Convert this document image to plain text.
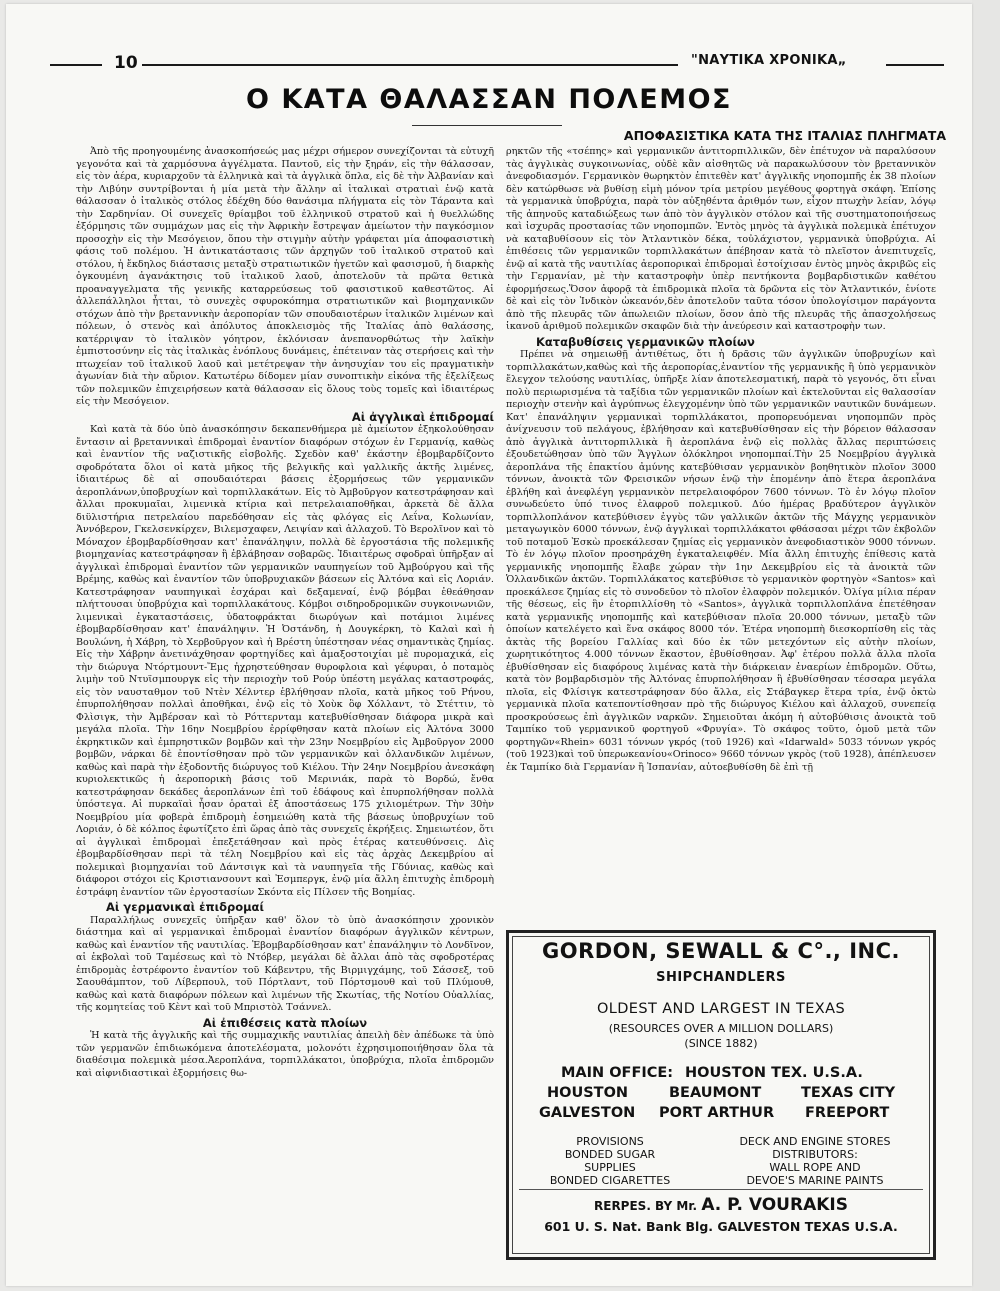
10	"ΝΑΥΤΙΚΑ ΧΡΟΝΙΚΑ„
Ο ΚΑΤΑ ΘΑΛΑΣΣΑΝ ΠΟΛΕΜΟΣ
ΑΠΟΦΑΣΙΣΤΙΚΑ ΚΑΤΑ ΤΗΣ ΙΤΑΛΙΑΣ ΠΛΗΓΜΑΤΑ

Ἀπὸ τῆς προηγουμένης ἀνασκοπήσεώς μας μέχρι σήμερον συνεχίζονται τὰ εὐτυχῆ γεγονότα καὶ τὰ χαρμόσυνα ἀγγέλματα. Παντοῦ, εἰς τὴν ξηράν, εἰς τὴν θάλασσαν, εἰς τὸν ἀέρα, κυριαρχοῦν τὰ ἑλληνικὰ καὶ τὰ ἀγγλικὰ ὅπλα, εἰς δὲ τὴν Ἀλβανίαν καὶ τὴν Λιβύην συντρίβονται ἡ μία μετὰ τὴν ἄλλην αἱ ἰταλικαὶ στρατιαὶ ἐνῷ κατὰ θάλασσαν ὁ ἰταλικὸς στόλος ἐδέχθη δύο θανάσιμα πλήγματα εἰς τὸν Τάραντα καὶ τὴν Σαρδηνίαν. Οἱ συνεχεῖς θρίαμβοι τοῦ ἑλληνικοῦ στρατοῦ καὶ ἡ θυελλώδης ἐξόρμησις τῶν συμμάχων μας εἰς τὴν Ἀφρικὴν ἔστρεψαν ἀμείωτον τὴν παγκόσμιον προσοχὴν εἰς τὴν Μεσόγειον, ὅπου τὴν στιγμὴν αὐτὴν γράφεται μία ἀποφασιστικὴ φάσις τοῦ πολέμου. Ἡ ἀντικατάστασις τῶν ἀρχηγῶν τοῦ ἰταλικοῦ στρατοῦ καὶ στόλου, ἡ ἔκδηλος διάστασις μεταξὺ στρατιωτικῶν ἡγετῶν καὶ φασισμοῦ, ἡ διαρκὴς ὀγκουμένη ἀγανάκτησις τοῦ ἰταλικοῦ λαοῦ, ἀποτελοῦν τὰ πρῶτα θετικὰ προαναγγελματα τῆς γενικῆς καταρρεύσεως τοῦ φασιστικοῦ καθεστῶτος. Αἱ ἀλλεπάλληλοι ἧτται, τὸ συνεχὲς σφυροκόπημα στρατιωτικῶν καὶ βιομηχανικῶν στόχων ἀπὸ τὴν βρεταννικὴν ἀεροπορίαν τῶν σπουδαιοτέρων ἰταλικῶν λιμένων καὶ πόλεων, ὁ στενὸς καὶ ἀπόλυτος ἀποκλεισμὸς τῆς Ἰταλίας ἀπὸ θαλάσσης, κατέρριψαν τὸ ἰταλικὸν γόητρον, ἐκλόνισαν ἀνεπανορθώτως τὴν λαϊκὴν ἐμπιστοσύνην εἰς τὰς ἰταλικὰς ἐνόπλους δυνάμεις, ἐπέτειναν τὰς στερήσεις καὶ τὴν πτωχείαν τοῦ ἰταλικοῦ λαοῦ καὶ μετέτρεψαν τὴν ἀνησυχίαν του εἰς πραγματικὴν ἀγωνίαν διὰ τὴν αὔριον. Κατωτέρω δίδομεν μίαν συνοπτικὴν εἰκόνα τῆς ἐξελίξεως τῶν πολεμικῶν ἐπιχειρήσεων κατὰ θάλασσαν εἰς ὅλους τοὺς τομεῖς καὶ ἰδιαιτέρως εἰς τὴν Μεσόγειον.

Αἱ ἀγγλικαὶ ἐπιδρομαί

Καὶ κατὰ τὰ δύο ὑπὸ ἀνασκόπησιν δεκαπενθήμερα μὲ ἀμείωτον ἐξηκολούθησαν ἔντασιν αἱ βρεταννικαὶ ἐπιδρομαὶ ἐναντίον διαφόρων στόχων ἐν Γερμανίᾳ, καθὼς καὶ ἐναντίον τῆς ναζιστικῆς εἰσβολῆς. Σχεδὸν καθ' ἑκάστην ἐβομβαρδίζοντο σφοδρότατα ὅλοι οἱ κατὰ μῆκος τῆς βελγικῆς καὶ γαλλικῆς ἀκτῆς λιμένες, ἰδιαιτέρως δὲ αἱ σπουδαιότεραι βάσεις ἐξορμήσεως τῶν γερμανικῶν ἀεροπλάνων,ὑποβρυχίων καὶ τορπιλλακάτων. Εἰς τὸ Ἀμβοῦργον κατεστράφησαν καὶ ἄλλαι προκυμαῖαι, λιμενικὰ κτίρια καὶ πετρελαιαποθῆκαι, ἀρκετὰ δὲ ἄλλα διϋλιστήρια πετρελαίου παρεδόθησαν εἰς τὰς φλόγας εἰς Λεΐνα, Κολωνίαν, Ἀννόβερον, Γκελσενκίρχεν, Βιλεμσχαφεν, Λειψίαν καὶ ἀλλαχοῦ. Τὸ Βερολῖνον καὶ τὸ Μόναχον ἐβομβαρδίσθησαν κατ' ἐπανάληψιν, πολλὰ δὲ ἐργοστάσια τῆς πολεμικῆς βιομηχανίας κατεστράφησαν ἢ ἐβλάβησαν σοβαρῶς. Ἰδιαιτέρως σφοδραὶ ὑπῆρξαν αἱ ἀγγλικαὶ ἐπιδρομαὶ ἐναντίον τῶν γερμανικῶν ναυπηγείων τοῦ Ἀμβούργου καὶ τῆς Βρέμης, καθὼς καὶ ἐναντίον τῶν ὑποβρυχιακῶν βάσεων εἰς Ἀλτόνα καὶ εἰς Λοριάν. Κατεστράφησαν ναυπηγικαὶ ἐσχάραι καὶ δεξαμεναί, ἐνῷ βόμβαι ἐθεάθησαν πλήττουσαι ὑποβρύχια καὶ τορπιλλακάτους. Κόμβοι σιδηροδρομικῶν συγκοινωνιῶν, λιμενικαὶ ἐγκαταστάσεις, ὑδατοφράκται διωρύγων καὶ ποτάμιοι λιμένες ἐβομβαρδίσθησαν κατ' ἐπανάληψιν. Ἡ Ὀστάνδη, ἡ Δουγκέρκη, τὸ Καλαὶ καὶ ἡ Βουλώνη, ἡ Χάβρη, τὸ Χερβοῦργον καὶ ἡ Βρέστη ὑπέστησαν νέας σημαντικὰς ζημίας. Εἰς τὴν Χάβρην ἀνετινάχθησαν φορτηγίδες καὶ ἀμαξοστοιχίαι μὲ πυρομαχικά, εἰς τὴν διώρυγα Ντόρτμουντ-Ἔμς ἠχρηστεύθησαν θυροφλοια καὶ γέφυραι, ὁ ποταμὸς λιμὴν τοῦ Ντυϊσμπουργκ εἰς τὴν περιοχὴν τοῦ Ρούρ ὑπέστη μεγάλας καταστροφάς, εἰς τὸν ναυσταθμον τοῦ Ντὲν Χέλντερ ἐβλήθησαν πλοῖα, κατὰ μῆκος τοῦ Ρήνου, ἐπυρπολήθησαν πολλαὶ ἀποθῆκαι, ἐνῷ εἰς τὸ Χοὺκ ὂφ Χόλλαντ, τὸ Στέττιν, τὸ Φλὶσιγκ, τὴν Ἀμβέρσαν καὶ τὸ Ρόττερνταμ κατεβυθίσθησαν διάφορα μικρὰ καὶ μεγάλα πλοῖα. Τὴν 16ην Νοεμβρίου ἐρρίφθησαν κατὰ πλοίων εἰς Ἀλτόνα 3000 ἐκρηκτικῶν καὶ ἐμπρηστικῶν βομβῶν καὶ τὴν 23ην Νοεμβρίου εἰς Ἀμβοῦργον 2000 βομβῶν, νάρκαι δὲ ἐποντίσθησαν πρὸ τῶν γερμανικῶν καὶ ὁλλανδικῶν λιμένων, καθὼς καὶ παρὰ τὴν ἐξοδοντῆς διώρυγος τοῦ Κιέλου. Τὴν 24ην Νοεμβρίου ἀνεσκάφη κυριολεκτικῶς ἡ ἀεροπορικὴ βάσις τοῦ Μερινιάκ, παρὰ τὸ Βορδώ, ἔνθα κατεστράφησαν δεκάδες ἀεροπλάνων ἐπὶ τοῦ ἐδάφους καὶ ἐπυρπολήθησαν πολλὰ ὑπόστεγα. Αἱ πυρκαϊαὶ ἦσαν ὁραταὶ ἐξ ἀποστάσεως 175 χιλιομέτρων. Τὴν 30ὴν Νοεμβρίου μία φοβερὰ ἐπιδρομὴ ἐσημειώθη κατὰ τῆς βάσεως ὑποβρυχίων τοῦ Λοριάν, ὁ δὲ κόλπος ἐφωτίζετο ἐπὶ ὥρας ἀπὸ τὰς συνεχεῖς ἐκρήξεις. Σημειωτέον, ὅτι αἱ ἀγγλικαὶ ἐπιδρομαὶ ἐπεξετάθησαν καὶ πρὸς ἑτέρας κατευθύνσεις. Δὶς ἐβομβαρδίσθησαν περὶ τὰ τέλη Νοεμβρίου καὶ εἰς τὰς ἀρχὰς Δεκεμβρίου αἱ πολεμικαὶ βιομηχανίαι τοῦ Δάντσιγκ καὶ τὰ ναυπηγεῖα τῆς Γδύνιας, καθὼς καὶ διάφοροι στόχοι εἰς Κριστιανσουντ καὶ Ἐσμπεργκ, ἐνῷ μία ἄλλη ἐπιτυχὴς ἐπιδρομὴ ἐστράφη ἐναντίον τῶν ἐργοστασίων Σκόντα εἰς Πίλσεν τῆς Βοημίας.

Αἱ γερμανικαὶ ἐπιδρομαί

Παραλλήλως συνεχεῖς ὑπῆρξαν καθ' ὅλον τὸ ὑπὸ ἀνασκόπησιν χρονικὸν διάστημα καὶ αἱ γερμανικαὶ ἐπιδρομαὶ ἐναντίον διαφόρων ἀγγλικῶν κέντρων, καθὼς καὶ ἐναντίον τῆς ναυτιλίας. Ἐβομβαρδίσθησαν κατ' ἐπανάληψιν τὸ Λονδῖνον, αἱ ἐκβολαὶ τοῦ Ταμέσεως καὶ τὸ Ντόβερ, μεγάλαι δὲ ἄλλαι ἀπὸ τὰς σφοδροτέρας ἐπιδρομὰς ἐστρέφοντο ἐναντίον τοῦ Κάβεντρυ, τῆς Βιρμιγχάμης, τοῦ Σάσσεξ, τοῦ Σαουθάμπτον, τοῦ Λίβερπουλ, τοῦ Πόρτλαντ, τοῦ Πόρτσμουθ καὶ τοῦ Πλύμουθ, καθὼς καὶ κατὰ διαφόρων πόλεων καὶ λιμένων τῆς Σκωτίας, τῆς Νοτίου Οὐαλλίας, τῆς κομητείας τοῦ Κὲντ καὶ τοῦ Μπριστὸλ Τσάννελ.

Αἱ ἐπιθέσεις κατὰ πλοίων

Ἡ κατὰ τῆς ἀγγλικῆς καὶ τῆς συμμαχικῆς ναυτιλίας ἀπειλὴ δὲν ἀπέδωκε τὰ ὑπὸ τῶν γερμανῶν ἐπιδιωκόμενα ἀποτελέσματα, μολονότι ἐχρησιμοποιήθησαν ὅλα τὰ διαθέσιμα πολεμικὰ μέσα.Ἀεροπλάνα, τορπιλλάκατοι, ὑποβρύχια, πλοῖα ἐπιδρομῶν καὶ αἰφνιδιαστικαὶ ἐξορμήσεις θω-

ρηκτῶν τῆς «τσέπης» καὶ γερμανικῶν ἀντιτορπιλλικῶν, δὲν ἐπέτυχον νὰ παραλύσουν τὰς ἀγγλικὰς συγκοινωνίας, οὐδὲ κἂν αἰσθητῶς νὰ παρακωλύσουν τὸν βρεταννικὸν ἀνεφοδιασμόν. Γερμανικὸν θωρηκτὸν ἐπιτεθὲν κατ' ἀγγλικῆς νηοπομπῆς ἐκ 38 πλοίων δὲν κατώρθωσε νὰ βυθίσῃ εἰμὴ μόνον τρία μετρίου μεγέθους φορτηγὰ σκάφη. Ἐπίσης τὰ γερμανικὰ ὑποβρύχια, παρὰ τὸν αὐξηθέντα ἀριθμόν των, εἶχον πτωχὴν λείαν, λόγῳ τῆς ἀπηνοῦς καταδιώξεως των ἀπὸ τὸν ἀγγλικὸν στόλον καὶ τῆς συστηματοποιήσεως καὶ ἰσχυρᾶς προστασίας τῶν νηοπομπῶν. Ἐντὸς μηνὸς τὰ ἀγγλικὰ πολεμικὰ ἐπέτυχον νὰ καταβυθίσουν εἰς τὸν Ἀτλαντικὸν δέκα, τοὐλάχιστον, γερμανικὰ ὑποβρύχια. Αἱ ἐπιθέσεις τῶν γερμανικῶν τορπιλλακάτων ἀπέβησαν κατὰ τὸ πλεῖστον ἀνεπιτυχεῖς, ἐνῷ αἱ κατὰ τῆς ναυτιλίας ἀεροπορικαὶ ἐπιδρομαὶ ἐστοίχισαν ἐντὸς μηνὸς ἀκριβῶς εἰς τὴν Γερμανίαν, μὲ τὴν καταστροφὴν ὑπὲρ πεντήκοντα βομβαρδιστικῶν καθέτου ἐφορμήσεως.Ὅσον ἀφορᾷ τὰ ἐπιδρομικὰ πλοῖα τὰ δρῶντα εἰς τὸν Ἀτλαντικόν, ἐνίοτε δὲ καὶ εἰς τὸν Ἰνδικὸν ὠκεανόν,δὲν ἀποτελοῦν ταῦτα τόσον ὑπολογίσιμον παράγοντα ἀπὸ τῆς πλευρᾶς τῶν ἀπωλειῶν πλοίων, ὅσον ἀπὸ τῆς πλευρᾶς τῆς ἀπασχολήσεως ἱκανοῦ ἀριθμοῦ πολεμικῶν σκαφῶν διὰ τὴν ἀνεύρεσιν καὶ καταστροφὴν των.

Καταβυθίσεις γερμανικῶν πλοίων

Πρέπει νὰ σημειωθῇ ἀντιθέτως, ὅτι ἡ δρᾶσις τῶν ἀγγλικῶν ὑποβρυχίων καὶ τορπιλλακάτων,καθὼς καὶ τῆς ἀεροπορίας,ἐναντίον τῆς γερμανικῆς ἢ ὑπὸ γερμανικὸν ἔλεγχον τελούσης ναυτιλίας, ὑπῆρξε λίαν ἀποτελεσματική, παρὰ τὸ γεγονός, ὅτι εἶναι πολὺ περιωρισμένα τὰ ταξίδια τῶν γερμανικῶν πλοίων καὶ ἐκτελοῦνται εἰς θαλασσίαν περιοχὴν στενὴν καὶ ἀγρύπνως ἐλεγχομένην ὑπὸ τῶν γερμανικῶν ναυτικῶν δυνάμεων. Κατ' ἐπανάληψιν γερμανικαὶ τορπιλλάκατοι, προπορευόμεναι νηοπομπῶν πρὸς ἀνίχνευσιν τοῦ πελάγους, ἐβλήθησαν καὶ κατεβυθίσθησαν εἰς τὴν βόρειον θάλασσαν ἀπὸ ἀγγλικὰ ἀντιτορπιλλικὰ ἢ ἀεροπλάνα ἐνῷ εἰς πολλὰς ἄλλας περιπτώσεις ἐξουδετώθησαν ὑπὸ τῶν Ἄγγλων ὁλόκληροι νηοπομπαί.Τὴν 25 Νοεμβρίου ἀγγλικὰ ἀεροπλάνα τῆς ἐπακτίου ἀμύνης κατεβύθισαν γερμανικὸν βοηθητικὸν πλοῖον 3000 τόννων, ἀνοικτὰ τῶν Φρεισικῶν νήσων ἐνῷ τὴν ἐπομένην ἀπὸ ἕτερα ἀεροπλάνα ἐβλήθη καὶ ἀνεφλέγη γερμανικὸν πετρελαιοφόρον 7600 τόννων. Τὸ ἐν λόγῳ πλοῖον συνωδεύετο ὑπό τινος ἐλαφροῦ πολεμικοῦ. Δύο ἡμέρας βραδύτερον ἀγγλικὸν τορπιλλοπλάνον κατεβύθισεν ἐγγὺς τῶν γαλλικῶν ἀκτῶν τῆς Μάγχης γερμανικὸν μεταγωγικὸν 6000 τόννων, ἐνῷ ἀγγλικαὶ τορπιλλάκατοι φθάσασαι μέχρι τῶν ἐκβολῶν τοῦ ποταμοῦ Ἐσκὼ προεκάλεσαν ζημίας εἰς γερμανικὸν ἀνεφοδιαστικὸν 9000 τόννων. Τὸ ἐν λόγῳ πλοῖον προσηράχθη ἐγκαταλειφθέν. Μία ἄλλη ἐπιτυχὴς ἐπίθεσις κατὰ γερμανικῆς νηοπομπῆς ἔλαβε χώραν τὴν 1ην Δεκεμβρίου εἰς τὰ ἀνοικτὰ τῶν Ὁλλανδικῶν ἀκτῶν. Τορπιλλάκατος κατεβύθισε τὸ γερμανικὸν φορτηγὸν «Santos» καὶ προεκάλεσε ζημίας εἰς τὸ συνοδεῦον τὸ πλοῖον ἐλαφρὸν πολεμικόν. Ὀλίγα μίλια πέραν τῆς θέσεως, εἰς ἣν ἐτορπιλλίσθη τὸ «Santos», ἀγγλικὰ τορπιλλοπλάνα ἐπετέθησαν κατὰ γερμανικῆς νηοπομπῆς καὶ κατεβύθισαν πλοῖα 20.000 τόννων, μεταξὺ τῶν ὁποίων κατελέγετο καὶ ἕνα σκάφος 8000 τόν. Ἑτέρα νηοπομπὴ διεσκορπίσθη εἰς τὰς ἀκτὰς τῆς βορείου Γαλλίας καὶ δύο ἐκ τῶν μετεχόντων εἰς αὐτὴν πλοίων, χωρητικότητος 4.000 τόννων ἕκαστον, ἐβυθίσθησαν. Ἀφ' ἑτέρου πολλὰ ἄλλα πλοῖα ἐβυθίσθησαν εἰς διαφόρους λιμένας κατὰ τὴν διάρκειαν ἐναερίων ἐπιδρομῶν. Οὕτω, κατὰ τὸν βομβαρδισμὸν τῆς Ἀλτόνας ἐπυρπολήθησαν ἢ ἐβυθίσθησαν τέσσαρα μεγάλα πλοῖα, εἰς Φλίσιγκ κατεστράφησαν δύο ἄλλα, εἰς Στάβαγκερ ἕτερα τρία, ἐνῷ ὀκτὼ γερμανικὰ πλοῖα κατεποντίσθησαν πρὸ τῆς διώρυγος Κιέλου καὶ ἀλλαχοῦ, συνεπείᾳ προσκρούσεως ἐπὶ ἀγγλικῶν ναρκῶν. Σημειοῦται ἀκόμη ἡ αὐτοβύθισις ἀνοικτὰ τοῦ Ταμπίκο τοῦ γερμανικοῦ φορτηγοῦ «Φρυγία». Τὸ σκάφος τοῦτο, ὁμοῦ μετὰ τῶν φορτηγῶν«Rhein» 6031 τόννων γκρός (τοῦ 1926) καὶ «Idarwald» 5033 τόννων γκρός (τοῦ 1923)καὶ τοῦ ὑπερωκεανίου«Orinoco» 9660 τόννων γκρὸς (τοῦ 1928), ἀπέπλευσεν ἐκ Ταμπίκο διὰ Γερμανίαν ἢ Ἰσπανίαν, αὐτοεβυθίσθη δὲ ἐπὶ τῇ

GORDON, SEWALL & C°., INC.
SHIPCHANDLERS
OLDEST AND LARGEST IN TEXAS
(RESOURCES OVER A MILLION DOLLARS)
(SINCE 1882)
MAIN OFFICE: HOUSTON TEX. U.S.A.
HOUSTON	BEAUMONT	TEXAS CITY
GALVESTON PORT ARTHUR FREEPORT
PROVISIONS
BONDED SUGAR
SUPPLIES
BONDED CIGARETTES
DECK AND ENGINE STORES
DISTRIBUTORS:
WALL ROPE AND
DEVOE'S MARINE PAINTS
RERPES. BY Mr. A. P. VOURAKIS
601 U. S. Nat. Bank Blg. GALVESTON TEXAS U.S.A.
